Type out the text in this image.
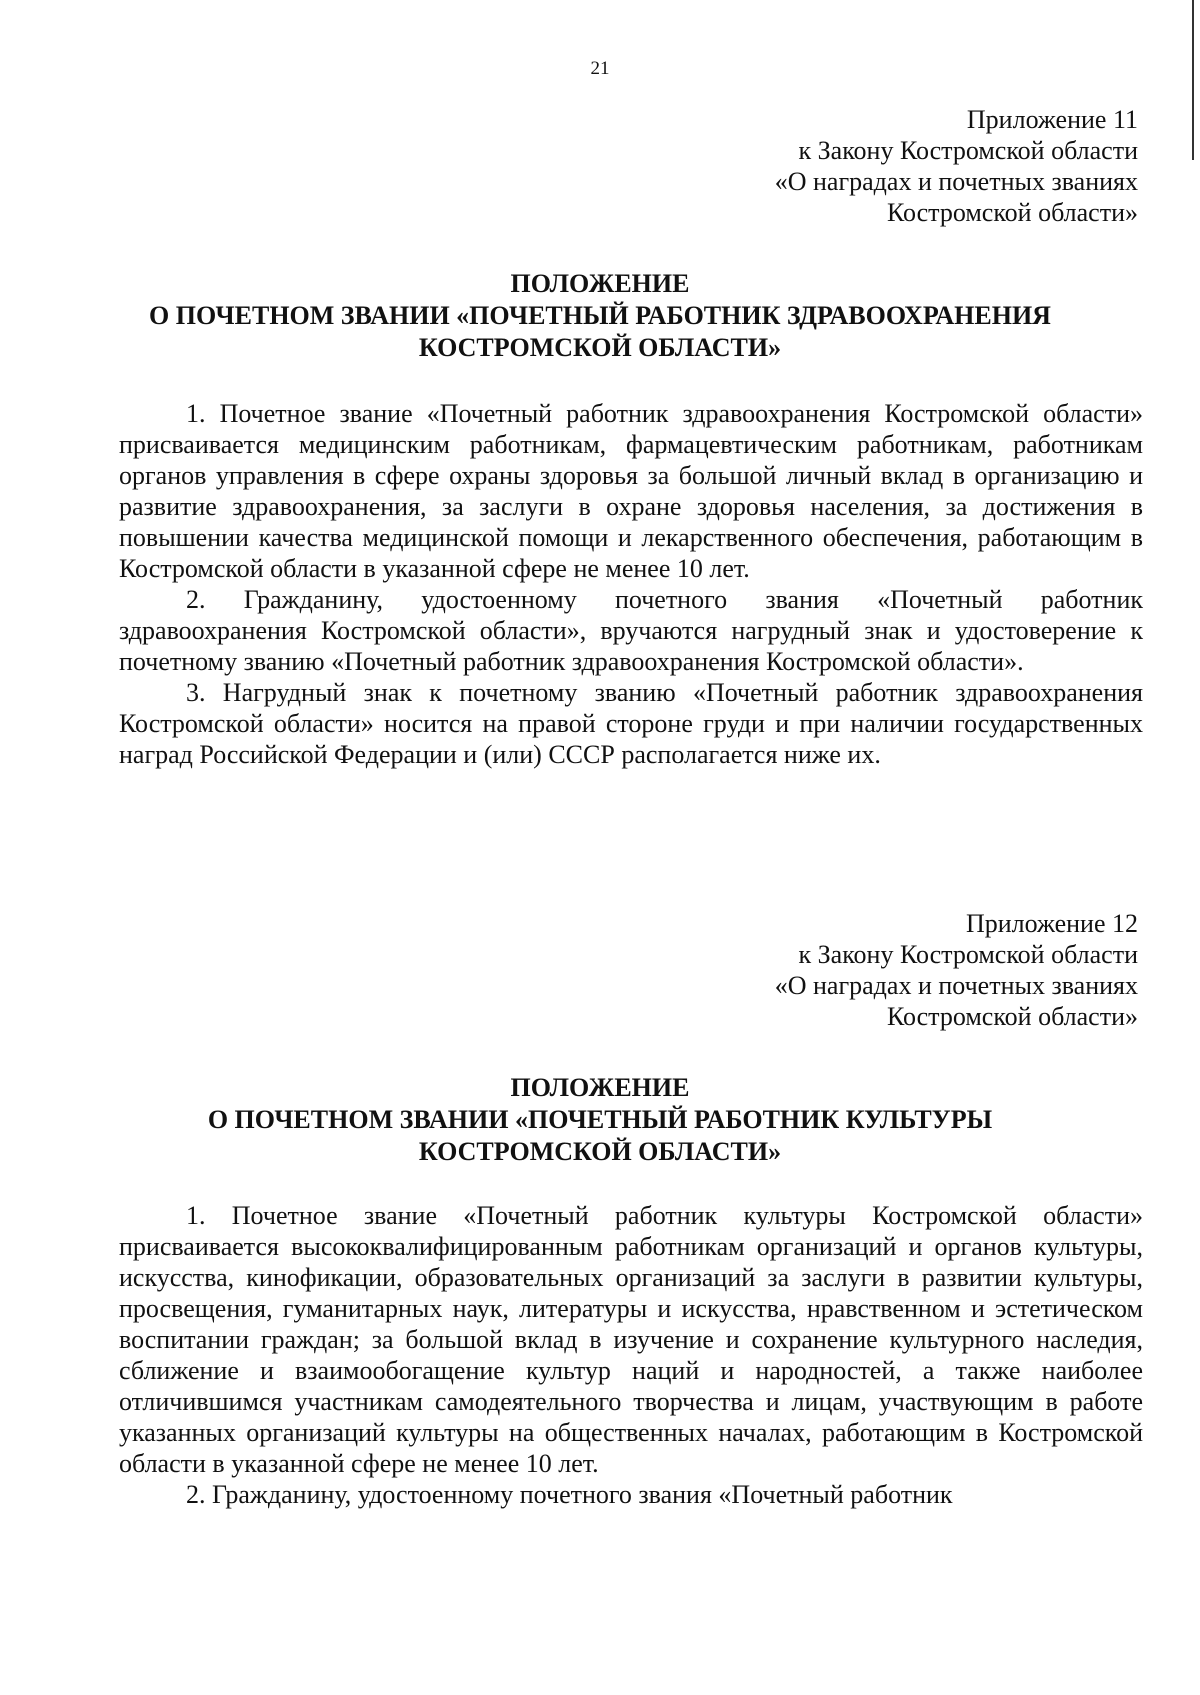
21
Приложение 11
к Закону Костромской области
«О наградах и почетных званиях
Костромской области»
ПОЛОЖЕНИЕ
О ПОЧЕТНОМ ЗВАНИИ «ПОЧЕТНЫЙ РАБОТНИК ЗДРАВООХРАНЕНИЯ
КОСТРОМСКОЙ ОБЛАСТИ»

1. Почетное звание «Почетный работник здравоохранения Костромской области» присваивается медицинским работникам, фармацевтическим работникам, работникам органов управления в сфере охраны здоровья за большой личный вклад в организацию и развитие здравоохранения, за заслуги в охране здоровья населения, за достижения в повышении качества медицинской помощи и лекарственного обеспечения, работающим в Костромской области в указанной сфере не менее 10 лет.

2. Гражданину, удостоенному почетного звания «Почетный работник здравоохранения Костромской области», вручаются нагрудный знак и удостоверение к почетному званию «Почетный работник здравоохранения Костромской области».

3. Нагрудный знак к почетному званию «Почетный работник здравоохранения Костромской области» носится на правой стороне груди и при наличии государственных наград Российской Федерации и (или) СССР располагается ниже их.

Приложение 12
к Закону Костромской области
«О наградах и почетных званиях
Костромской области»
ПОЛОЖЕНИЕ
О ПОЧЕТНОМ ЗВАНИИ «ПОЧЕТНЫЙ РАБОТНИК КУЛЬТУРЫ
КОСТРОМСКОЙ ОБЛАСТИ»

1. Почетное звание «Почетный работник культуры Костромской области» присваивается высококвалифицированным работникам организаций и органов культуры, искусства, кинофикации, образовательных организаций за заслуги в развитии культуры, просвещения, гуманитарных наук, литературы и искусства, нравственном и эстетическом воспитании граждан; за большой вклад в изучение и сохранение культурного наследия, сближение и взаимообогащение культур наций и народностей, а также наиболее отличившимся участникам самодеятельного творчества и лицам, участвующим в работе указанных организаций культуры на общественных началах, работающим в Костромской области в указанной сфере не менее 10 лет.

2. Гражданину, удостоенному почетного звания «Почетный работник
